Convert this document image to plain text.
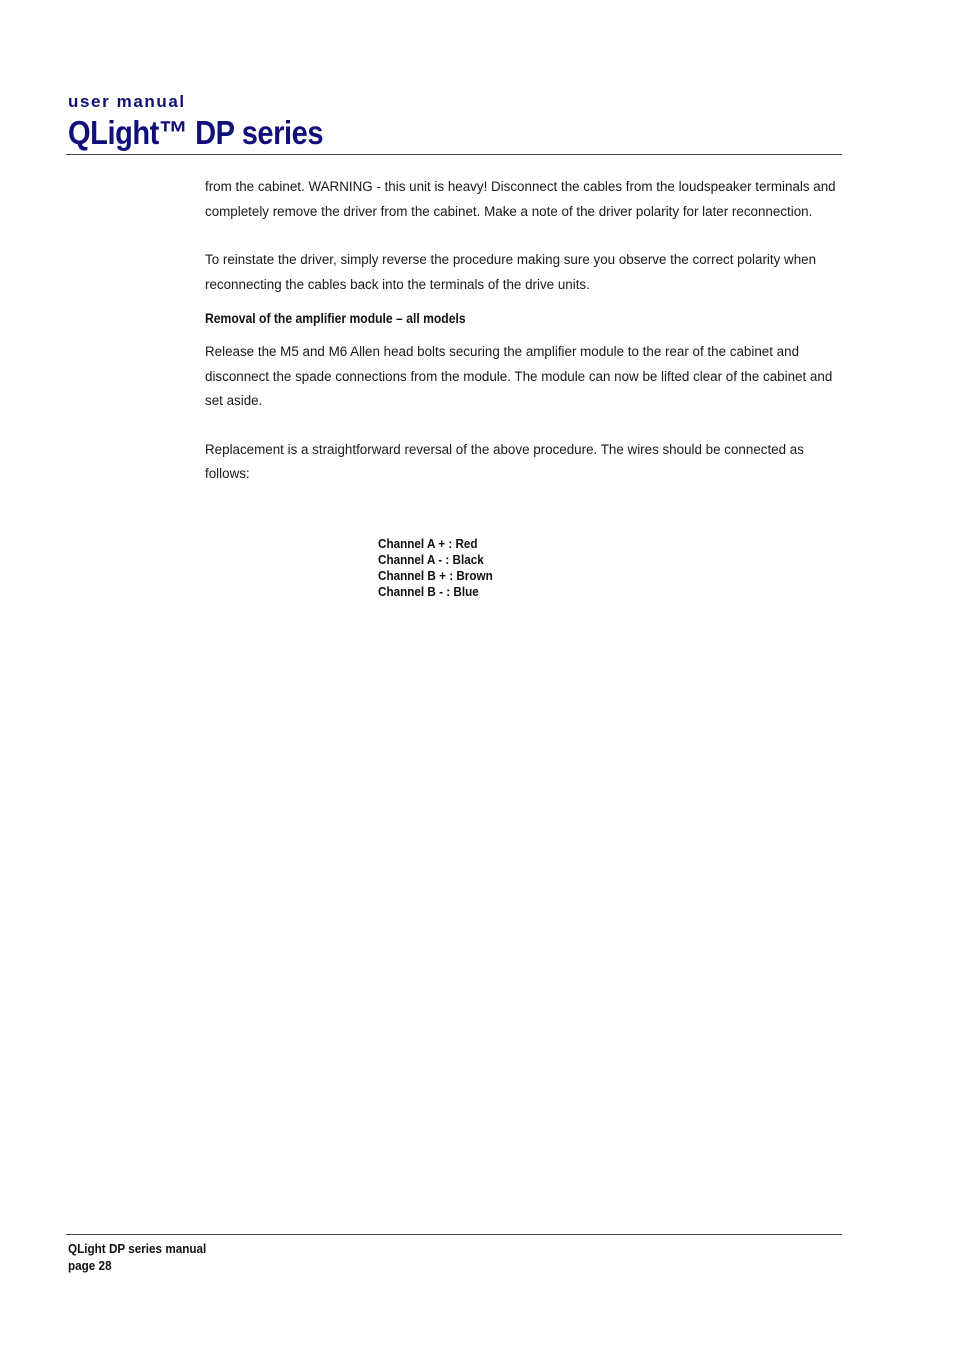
user manual

QLight™ DP series

from the cabinet. WARNING - this unit is heavy! Disconnect the cables from the loudspeaker terminals and completely remove the driver from the cabinet. Make a note of the driver polarity for later reconnection.

To reinstate the driver, simply reverse the procedure making sure you observe the correct polarity when reconnecting the cables back into the terminals of the drive units.

Removal of the amplifier module – all models

Release the M5 and M6 Allen head bolts securing the amplifier module to the rear of the cabinet and disconnect the spade connections from the module. The module can now be lifted clear of the cabinet and set aside.

Replacement is a straightforward reversal of the above procedure. The wires should be connected as follows:

Channel A + : Red
Channel A - : Black
Channel B + : Brown
Channel B - : Blue
QLight DP series manual
page 28
